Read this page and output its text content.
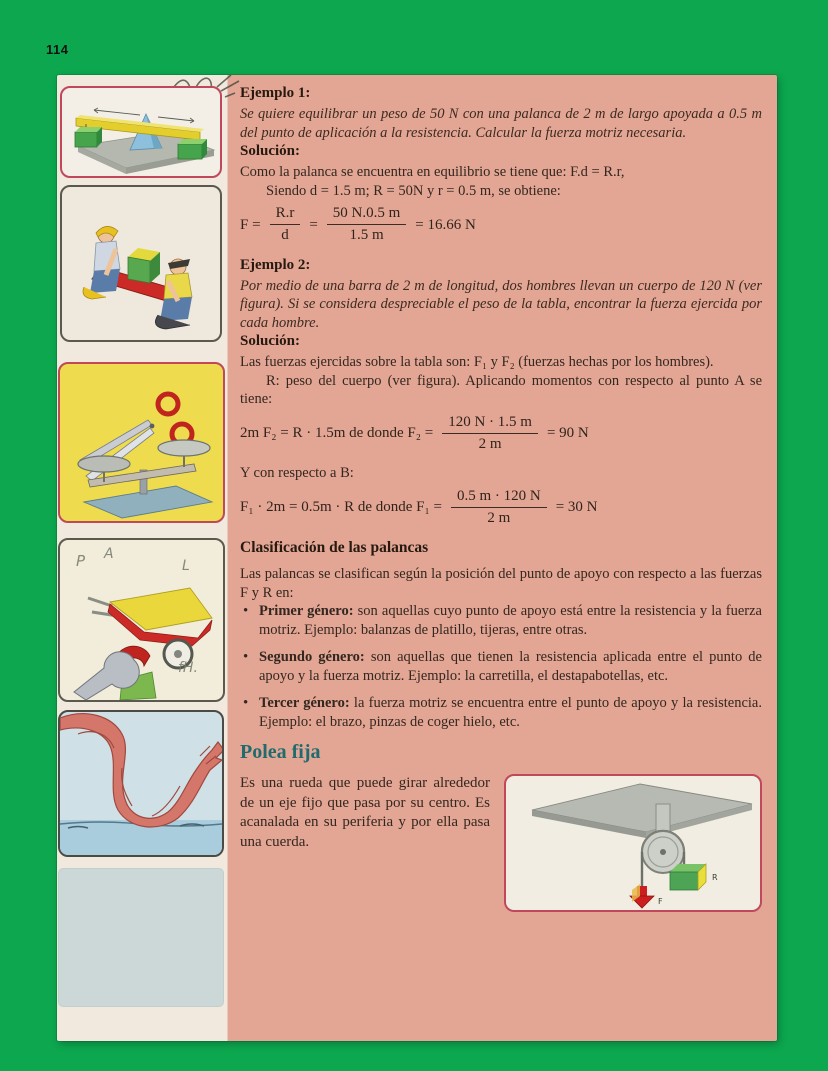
114
P A
L
fH.
Ejemplo 1:

Se quiere equilibrar un peso de 50 N con una palanca de 2 m de largo apoyada a 0.5 m del punto de aplicación a la resistencia. Calcular la fuerza motriz necesaria.

Solución:

Como la palanca se encuentra en equilibrio se tiene que: F.d = R.r,

Siendo d = 1.5 m; R = 50N y r = 0.5 m, se obtiene:

$F = \frac{R.r}{d} = \frac{50 N.0.5 m}{1.5 m} = 16.66$ N
Ejemplo 2:

Por medio de una barra de 2 m de longitud, dos hombres llevan un cuerpo de 120 N (ver figura). Si se considera despreciable el peso de la tabla, encontrar la fuerza ejercida por cada hombre.

Solución:

Las fuerzas ejercidas sobre la tabla son: F₁ y F₂ (fuerzas hechas por los hombres).

R: peso del cuerpo (ver figura). Aplicando momentos con respecto al punto A se tiene:

2m F₂ = R · 1.5m de donde $F_2 = \frac{120 N \cdot 1.5 m}{2 m} = 90$ N

Y con respecto a B:

F₁ · 2m = 0.5m · R de donde $F_1 = \frac{0.5 m \cdot 120 N}{2 m} = 30$ N
Clasificación de las palancas

Las palancas se clasifican según la posición del punto de apoyo con respecto a las fuerzas F y R en:

• Primer género: son aquellas cuyo punto de apoyo está entre la resistencia y la fuerza motriz. Ejemplo: balanzas de platillo, tijeras, entre otras.
• Segundo género: son aquellas que tienen la resistencia aplicada entre el punto de apoyo y la fuerza motriz. Ejemplo: la carretilla, el destapabotellas, etc.
• Tercer género: la fuerza motriz se encuentra entre el punto de apoyo y la resistencia. Ejemplo: el brazo, pinzas de coger hielo, etc.
Polea fija

Es una rueda que puede girar alrededor de un eje fijo que pasa por su centro. Es acanalada en su periferia y por ella pasa una cuerda.

R
F
